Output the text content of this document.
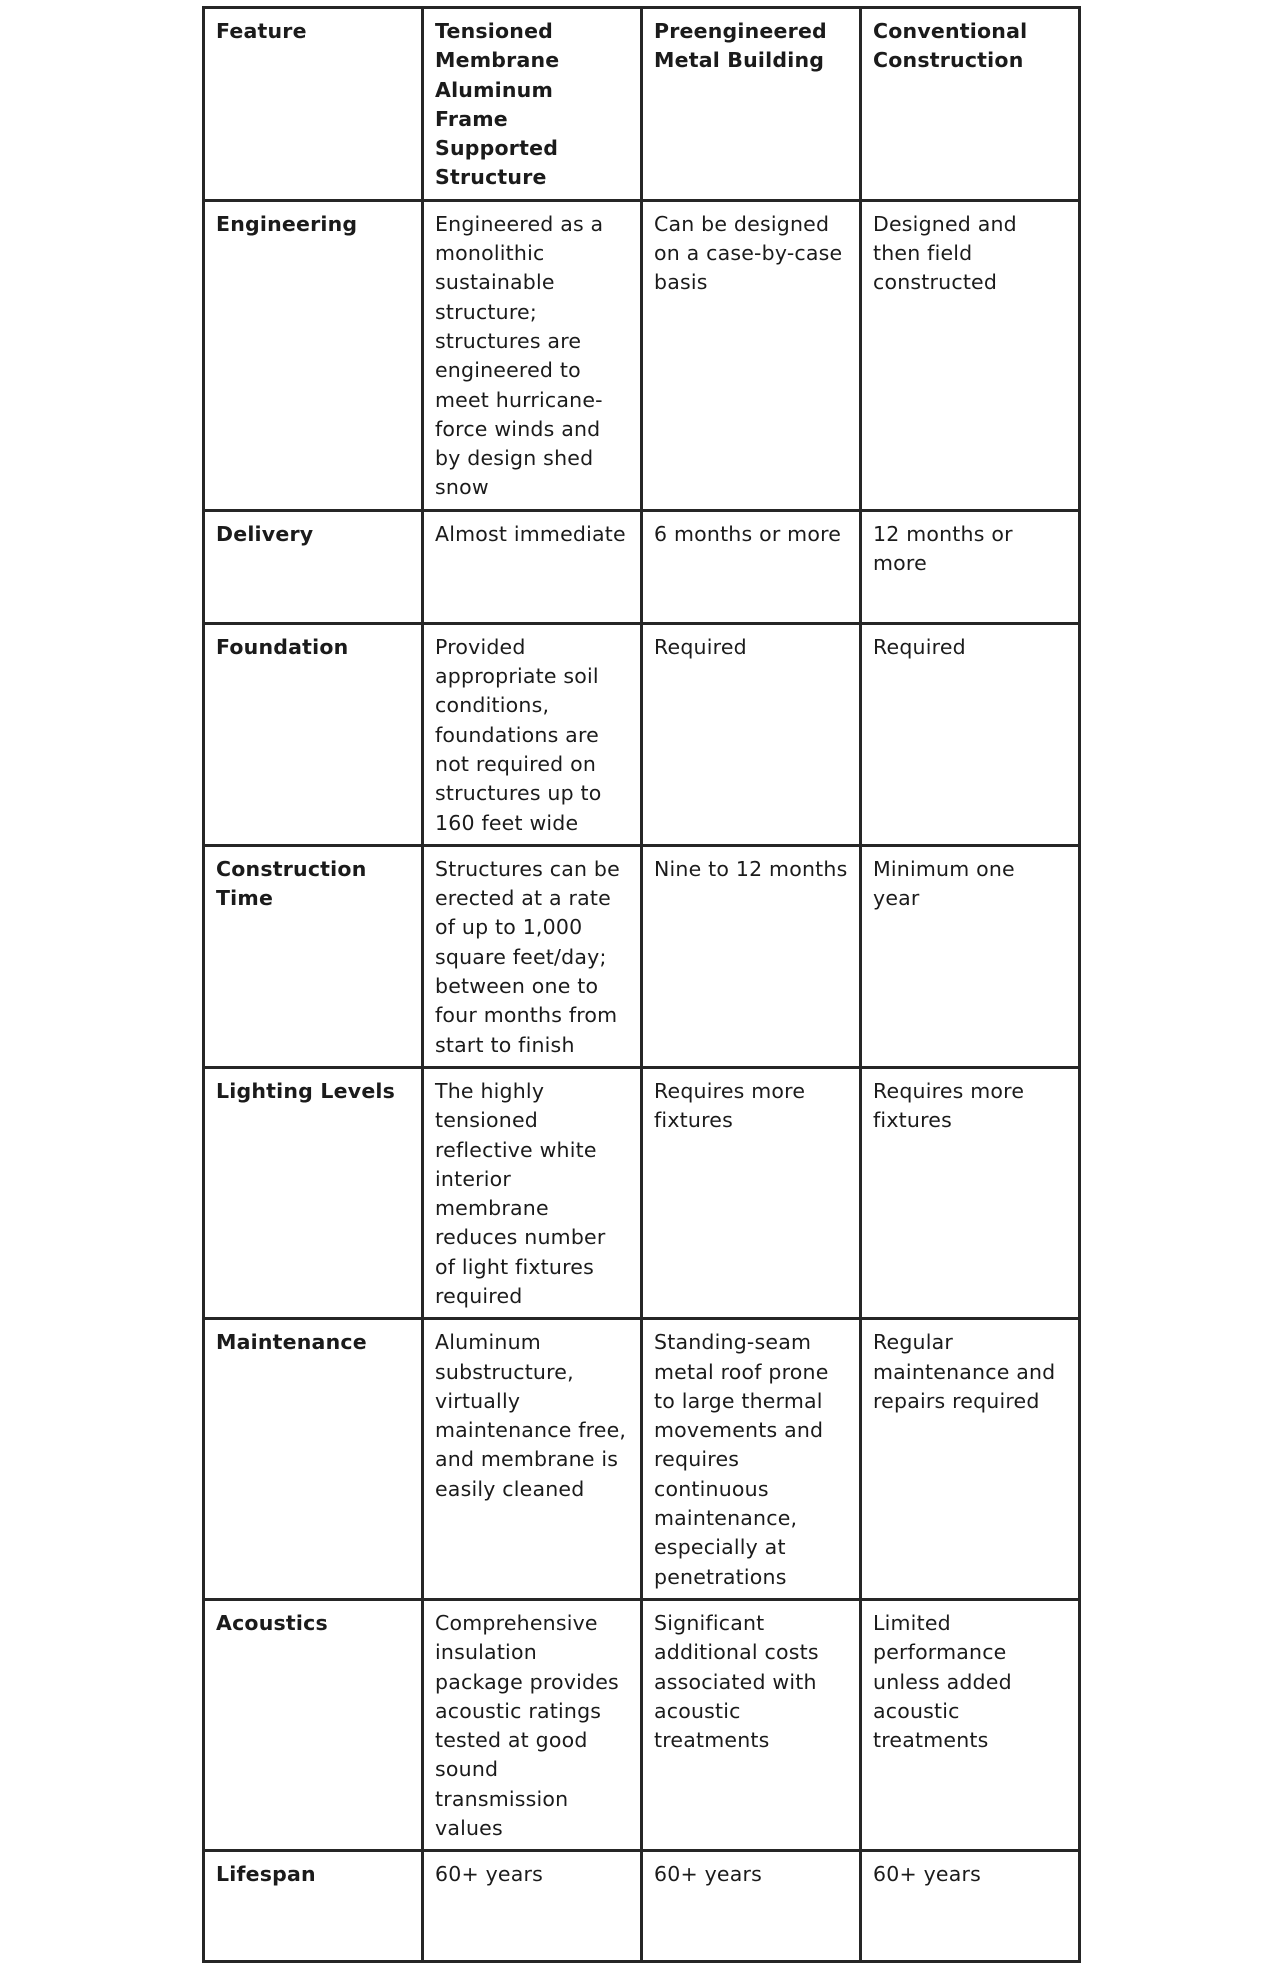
Feature	Tensioned Membrane Aluminum Frame Supported Structure	Preengineered Metal Building	Conventional Construction
Engineering	Engineered as a monolithic sustainable structure; structures are engineered to meet hurricane-force winds and by design shed snow	Can be designed on a case-by-case basis	Designed and then field constructed
Delivery	Almost immediate	6 months or more	12 months or more
Foundation	Provided appropriate soil conditions, foundations are not required on structures up to 160 feet wide	Required	Required
Construction Time	Structures can be erected at a rate of up to 1,000 square feet/day; between one to four months from start to finish	Nine to 12 months	Minimum one year
Lighting Levels	The highly tensioned reflective white interior membrane reduces number of light fixtures required	Requires more fixtures	Requires more fixtures
Maintenance	Aluminum substructure, virtually maintenance free, and membrane is easily cleaned	Standing-seam metal roof prone to large thermal movements and requires continuous maintenance, especially at penetrations	Regular maintenance and repairs required
Acoustics	Comprehensive insulation package provides acoustic ratings tested at good sound transmission values	Significant additional costs associated with acoustic treatments	Limited performance unless added acoustic treatments
Lifespan	60+ years	60+ years	60+ years
